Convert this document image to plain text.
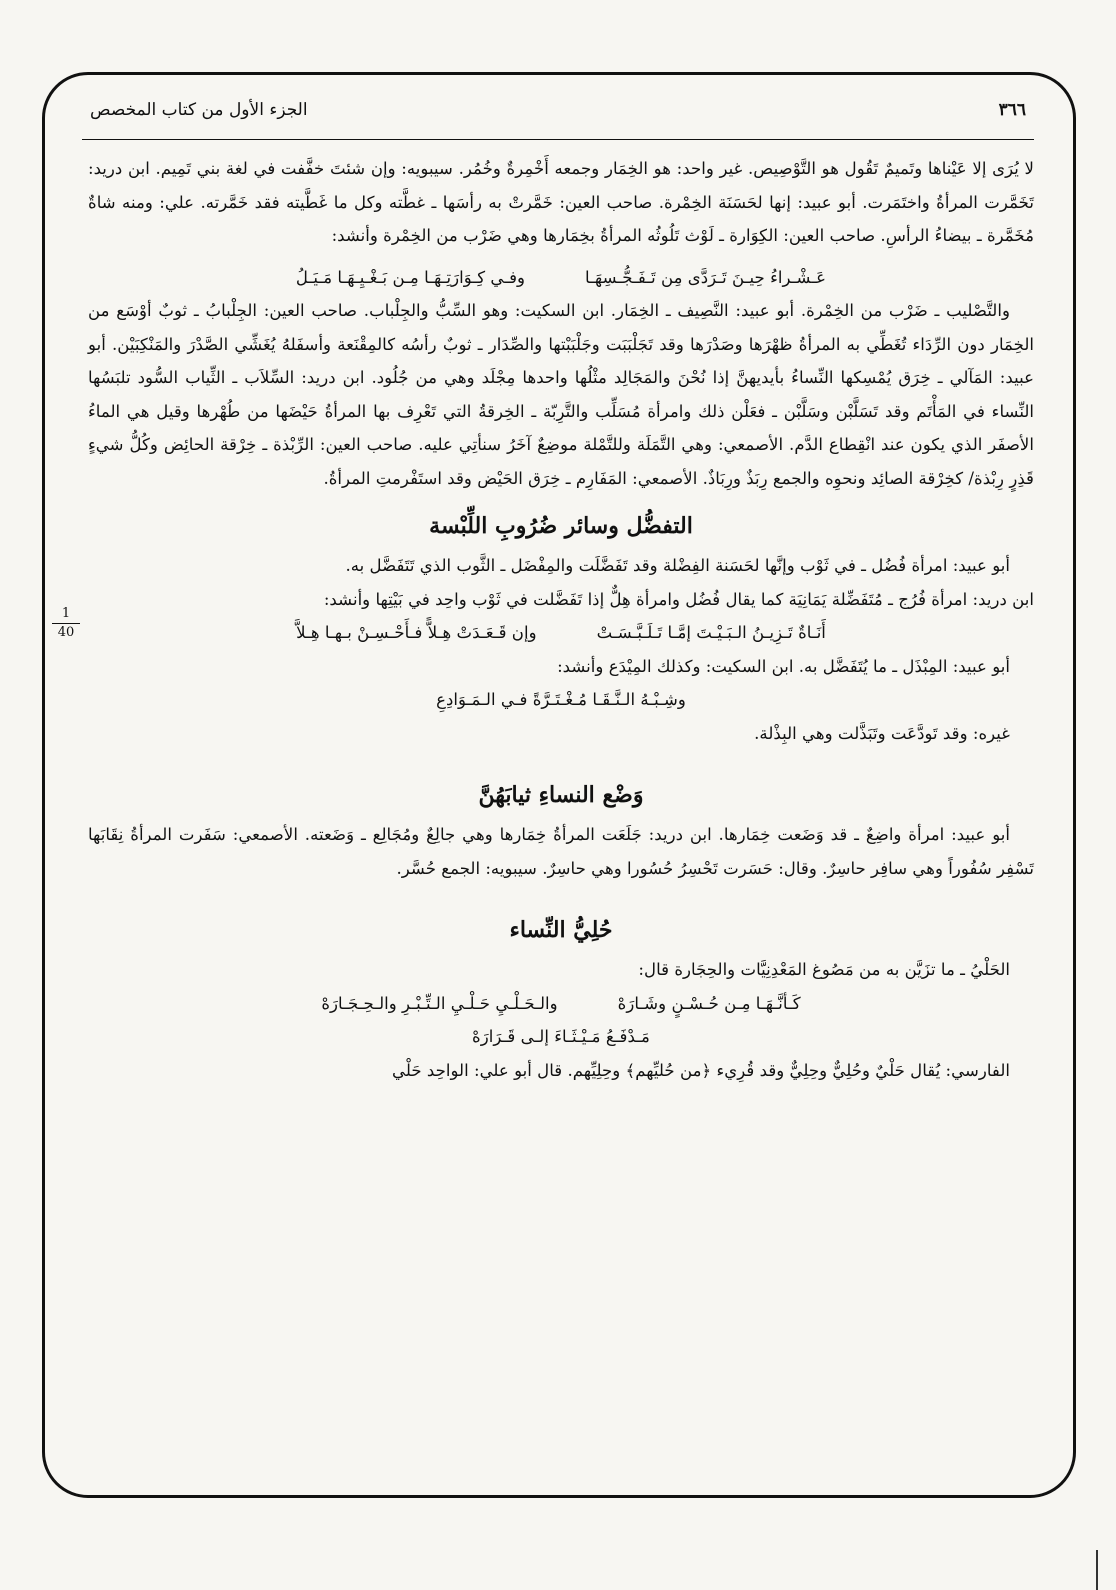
٣٦٦
الجزء الأول من كتاب المخصص
1
40

لا يُرَى إلا عَيْناها وتَميمٌ تَقُول هو التَّوْصِيص. غير واحد: هو الخِمَار وجمعه أَخْمِرةٌ وخُمُر. سيبويه: وإن شئتَ خفَّفت في لغة بني تَمِيم. ابن دريد: تَخَمَّرت المرأةُ واختَمَرت. أبو عبيد: إنها لحَسَنَة الخِمْرة. صاحب العين: خَمَّرتْ به رأسَها ـ غطَّته وكل ما غَطَّيته فقد خَمَّرته. علي: ومنه شاةٌ مُخَمَّرة ـ بيضاءُ الرأسِ. صاحب العين: الكِوَارة ـ لَوْث تَلُوثُه المرأةُ بخِمَارها وهي ضَرْب من الخِمْرة وأنشد:

عَـشْـراءُ حِيـنَ تَـرَدَّى مِن تَـفَـجُّـسِهَـا
وفـي كِـوَارَتِـهَـا مِـن بَـغْـيِـهَـا مَـيَـلُ

والتَّصْليب ـ ضَرْب من الخِمْرة. أبو عبيد: النَّصِيف ـ الخِمَار. ابن السكيت: وهو السِّبُّ والجِلْباب. صاحب العين: الجِلْبابُ ـ ثوبٌ أوْسَع من الخِمَار دون الرِّدَاء تُغَطِّي به المرأةُ ظهْرَها وصَدْرَها وقد تَجَلْبَبَت وجَلْبَبْتها والصِّدَار ـ ثوبٌ رأسُه كالمِقْنَعة وأسفَلهُ يُغَشِّي الصَّدْرَ والمَنْكِبَيْن. أبو عبيد: المَآلي ـ خِرَق يُمْسِكها النِّساءُ بأيديهنَّ إذا نُحْنَ والمَجَالِد مثْلُها واحدها مِجْلَد وهي من جُلُود. ابن دريد: السِّلاَب ـ الثِّياب السُّود تلبَسُها النِّساء في المَأْتَم وقد تَسَلَّبْن وسَلَّبْن ـ فعَلْن ذلك وامرأة مُسَلِّب والتَّرِبّة ـ الخِرقةُ التي تَعْرِف بها المرأةُ حَيْضَها من طُهْرها وقيل هي الماءُ الأصفَر الذي يكون عند انْقِطاع الدَّم. الأصمعي: وهي التَّمَلَة وللتَّمْلة موضِعٌ آخَرُ سنأتِي عليه. صاحب العين: الرِّبْذة ـ خِرْقة الحائِض وكُلُّ شيءٍ قَذِرٍ رِبْذة/ كخِرْقة الصائِد ونحوِه والجمع رِبَذٌ ورِبَاذٌ. الأصمعي: المَفَارِم ـ خِرَق الحَيْض وقد استَفْرمتِ المرأةُ.

التفضُّل وسائر ضُرُوبِ اللِّبْسة

أبو عبيد: امرأة فُضُل ـ في ثَوْب وإنَّها لحَسَنة الفِضْلة وقد تَفَضَّلَت والمِفْضَل ـ الثَّوب الذي تَتَفَضَّل به.

ابن دريد: امرأة فُرُج ـ مُتَفَضِّلة يَمَانِيَة كما يقال فُضُل وامرأة هِلٌّ إذا تَفَضَّلت في ثَوْب واحِد في بَيْتِها وأنشد:

أَنَـاةٌ تَـزِيـنُ الـبَـيْـتَ إمَّـا تَـلَـبَّـسَـتْ
وإن قَـعَـدَتْ هِـلاًّ فـأَحْـسِـنْ بـهـا هِـلاَّ

أبو عبيد: المِبْذَل ـ ما يُتَفَضَّل به. ابن السكيت: وكذلك المِيْدَع وأنشد:

وشِـبْـهُ الـنَّـقَـا مُـغْـتَـرَّةً فـي الـمَـوَادِعِ

غيره: وقد تَودَّعَت وتَبَذَّلت وهي البِذْلة.

وَضْع النساءِ ثيابَهُنَّ

أبو عبيد: امرأة واضِعٌ ـ قد وَضَعت خِمَارها. ابن دريد: جَلَعَت المرأةُ خِمَارها وهي جالِعٌ ومُجَالِع ـ وَضَعته. الأصمعي: سَفَرت المرأةُ نِقَابَها تَسْفِر سُفُوراً وهي سافِر حاسِرٌ. وقال: حَسَرت تَحْسِرُ حُسُورا وهي حاسِرٌ. سيبويه: الجمع حُسَّر.

حُلِيُّ النِّساء

الحَلْيُ ـ ما تزَيَّن به من مَصُوغ المَعْدِنِيَّات والحِجَارة قال:

كَـأنَّـهَـا مِـن حُـسْـنٍ وشَـارَهْ
والـحَـلْـيِ حَـلْـيِ الـتِّـبْـرِ والـحِـجَـارَهْ

مَـدْفَـعُ مَـيْـثَـاءَ إلـى قَـرَارَهْ

الفارسي: يُقال حَلْيٌ وحُلِيٌّ وحِلِيٌّ وقد قُرِيء ﴿من حُليِّهم﴾ وحِلِيِّهم. قال أبو علي: الواحِد حَلْي
